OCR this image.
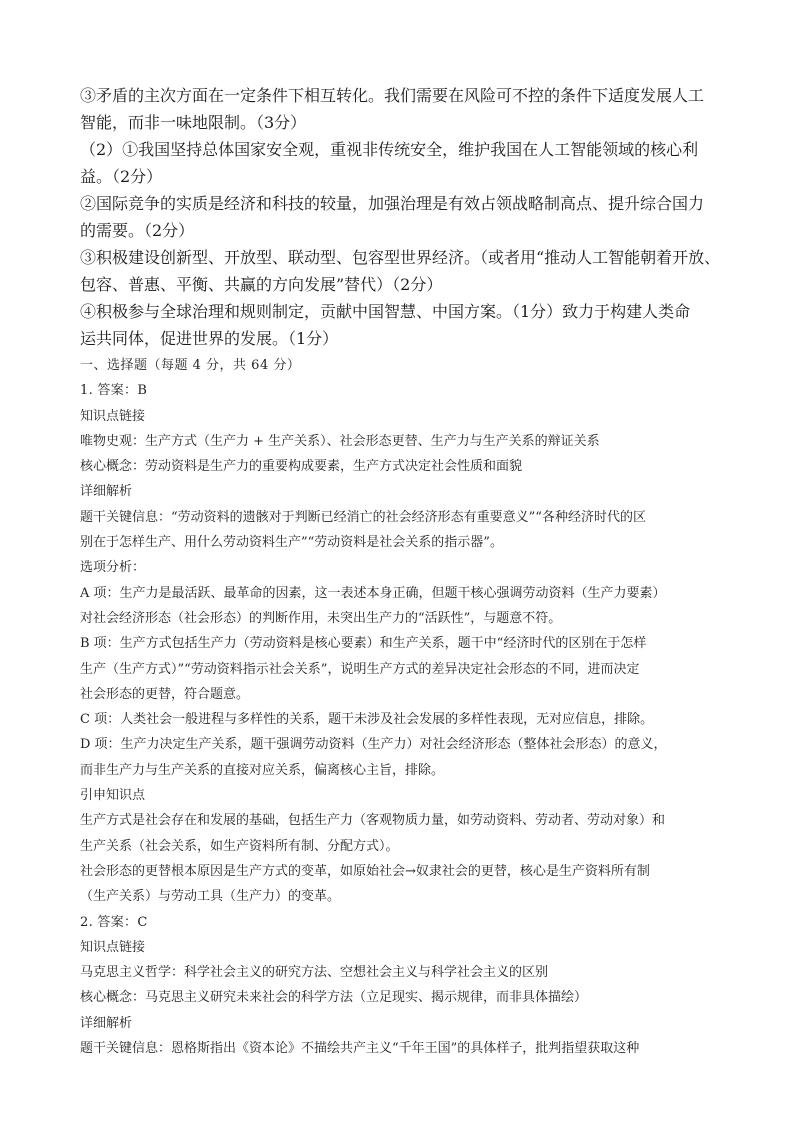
③矛盾的主次方面在一定条件下相互转化。我们需要在风险可不控的条件下适度发展人工
智能，而非一味地限制。（3分）
（2）①我国坚持总体国家安全观，重视非传统安全，维护我国在人工智能领域的核心利
益。（2分）
②国际竞争的实质是经济和科技的较量，加强治理是有效占领战略制高点、提升综合国力
的需要。（2分）
③积极建设创新型、开放型、联动型、包容型世界经济。（或者用“推动人工智能朝着开放、
包容、普惠、平衡、共赢的方向发展”替代）（2分）
④积极参与全球治理和规则制定，贡献中国智慧、中国方案。（1分）致力于构建人类命
运共同体，促进世界的发展。（1分）
一、选择题（每题 4 分，共 64 分）
1. 答案：B
知识点链接
唯物史观：生产方式（生产力 + 生产关系）、社会形态更替、生产力与生产关系的辩证关系
核心概念：劳动资料是生产力的重要构成要素，生产方式决定社会性质和面貌
详细解析
题干关键信息：“劳动资料的遗骸对于判断已经消亡的社会经济形态有重要意义”“各种经济时代的区
别在于怎样生产、用什么劳动资料生产”“劳动资料是社会关系的指示器”。
选项分析：
A 项：生产力是最活跃、最革命的因素，这一表述本身正确，但题干核心强调劳动资料（生产力要素）
对社会经济形态（社会形态）的判断作用，未突出生产力的“活跃性”，与题意不符。
B 项：生产方式包括生产力（劳动资料是核心要素）和生产关系，题干中“经济时代的区别在于怎样
生产（生产方式）”“劳动资料指示社会关系”，说明生产方式的差异决定社会形态的不同，进而决定
社会形态的更替，符合题意。
C 项：人类社会一般进程与多样性的关系，题干未涉及社会发展的多样性表现，无对应信息，排除。
D 项：生产力决定生产关系，题干强调劳动资料（生产力）对社会经济形态（整体社会形态）的意义，
而非生产力与生产关系的直接对应关系，偏离核心主旨，排除。
引申知识点
生产方式是社会存在和发展的基础，包括生产力（客观物质力量，如劳动资料、劳动者、劳动对象）和
生产关系（社会关系，如生产资料所有制、分配方式）。
社会形态的更替根本原因是生产方式的变革，如原始社会→奴隶社会的更替，核心是生产资料所有制
（生产关系）与劳动工具（生产力）的变革。
2. 答案：C
知识点链接
马克思主义哲学：科学社会主义的研究方法、空想社会主义与科学社会主义的区别
核心概念：马克思主义研究未来社会的科学方法（立足现实、揭示规律，而非具体描绘）
详细解析
题干关键信息：恩格斯指出《资本论》不描绘共产主义“千年王国”的具体样子，批判指望获取这种
